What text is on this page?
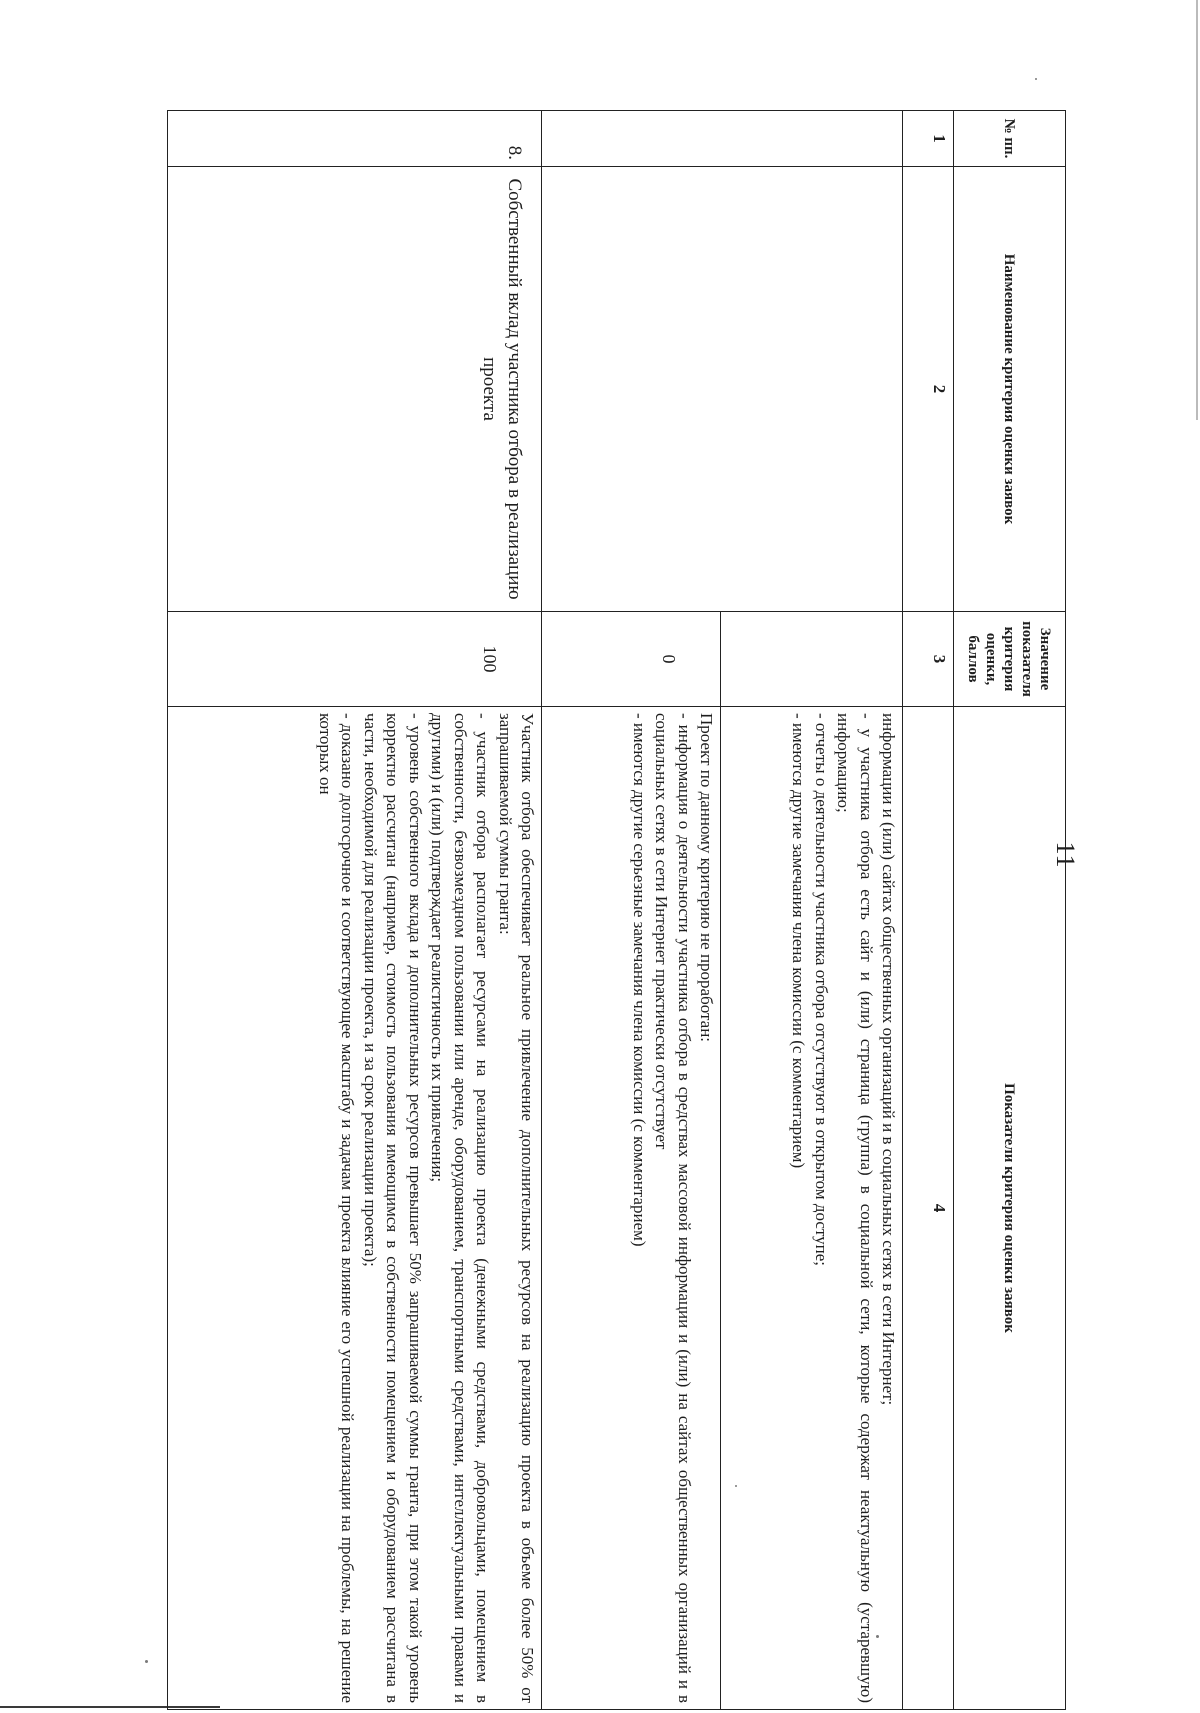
11
№ пп.	Наименование критерия оценки заявок	Значение показателя критерия оценки, баллов	Показатели критерия оценки заявок
1	2	3	4

			информации и (или) сайтах общественных организаций и в социальных сетях в сети Интернет;

- у участника отбора есть сайт и (или) страница (группа) в социальной сети, которые содержат неактуальную (устаревшую) информацию;

- отчеты о деятельности участника отбора отсутствуют в открытом доступе;

- имеются другие замечания члена комиссии (с комментарием)

		0	Проект по данному критерию не проработан:

- информация о деятельности участника отбора в средствах массовой информации и (или) на сайтах общественных организаций и в социальных сетях в сети Интернет практически отсутствует

- имеются другие серьезные замечания члена комиссии (с комментарием)

8.	Собственный вклад участника отбора в реализацию проекта	100	Участник отбора обеспечивает реальное привлечение дополнительных ресурсов на реализацию проекта в объеме более 50% от запрашиваемой суммы гранта:

- участник отбора располагает ресурсами на реализацию проекта (денежными средствами, добровольцами, помещением в собственности, безвозмездном пользовании или аренде, оборудованием, транспортными средствами, интеллектуальными правами и другими) и (или) подтверждает реалистичность их привлечения;

- уровень собственного вклада и дополнительных ресурсов превышает 50% запрашиваемой суммы гранта, при этом такой уровень корректно рассчитан (например, стоимость пользования имеющимся в собственности помещением и оборудованием рассчитана в части, необходимой для реализации проекта, и за срок реализации проекта);

- доказано долгосрочное и соответствующее масштабу и задачам проекта влияние его успешной реализации на проблемы, на решение которых он
